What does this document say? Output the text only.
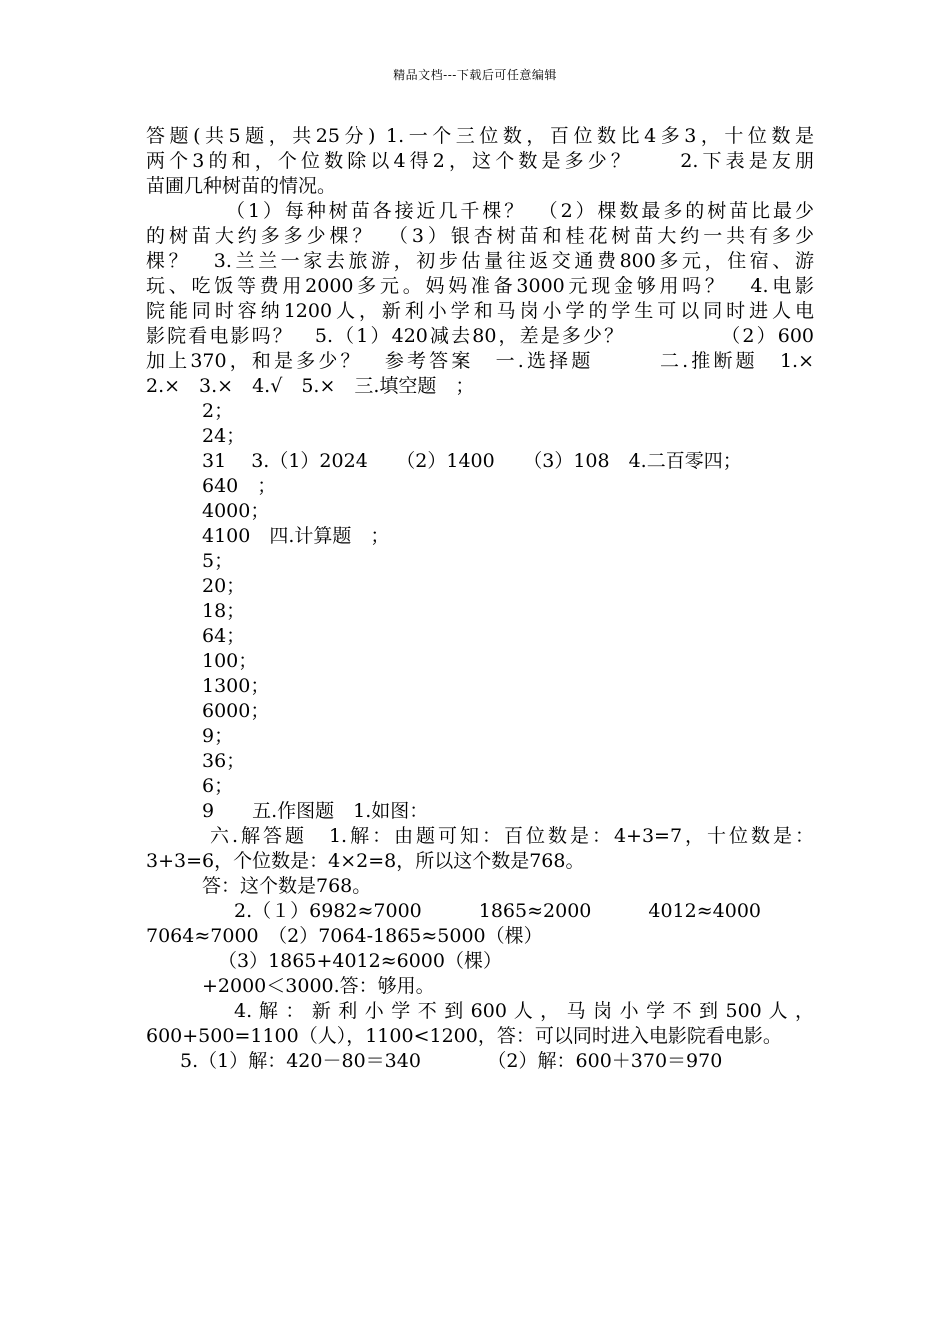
精品文档---下载后可任意编辑
答题(共5题，共25分) 1.一个三位数，百位数比4多3，十位数是
两个3的和，个位数除以4得2，这个数是多少？　　2.下表是友朋
苗圃几种树苗的情况。
（1）每种树苗各接近几千棵？　（2）棵数最多的树苗比最少
的树苗大约多多少棵？　（3）银杏树苗和桂花树苗大约一共有多少
棵？　3.兰兰一家去旅游，初步估量往返交通费800多元，住宿、游
玩、吃饭等费用2000多元。妈妈准备3000元现金够用吗？　4.电影
院能同时容纳1200人，新利小学和马岗小学的学生可以同时进人电
影院看电影吗？　5.（1）420减去80，差是多少？　　　　　（2）600
加上370，和是多少？　参考答案　一.选择题　　　二.推断题　1.×
2.×　3.×　4.√　5.×　三.填空题　；
2；
24；
31　 3.（1）2024　　（2）1400　　（3）108　4.二百零四；
640　；
4000；
4100　四.计算题　；
5；
20；
18；
64；
100；
1300；
6000；
9；
36；
6；
9　　五.作图题　1.如图：
六.解答题　1.解：由题可知：百位数是：4+3=7，十位数是：
3+3=6，个位数是：4×2=8，所以这个数是768。
答：这个数是768。
2.（１）6982≈7000　　　1865≈2000　　　4012≈4000
7064≈7000　（2）7064-1865≈5000（棵）
（3）1865+4012≈6000（棵）
+2000＜3000.答：够用。
4. 解 ： 新 利 小 学 不 到 600 人 ， 马 岗 小 学 不 到 500 人 ，
600+500=1100（人），1100<1200，答：可以同时进入电影院看电影。
5.（1）解：420－80＝340　　　　（2）解：600＋370＝970
